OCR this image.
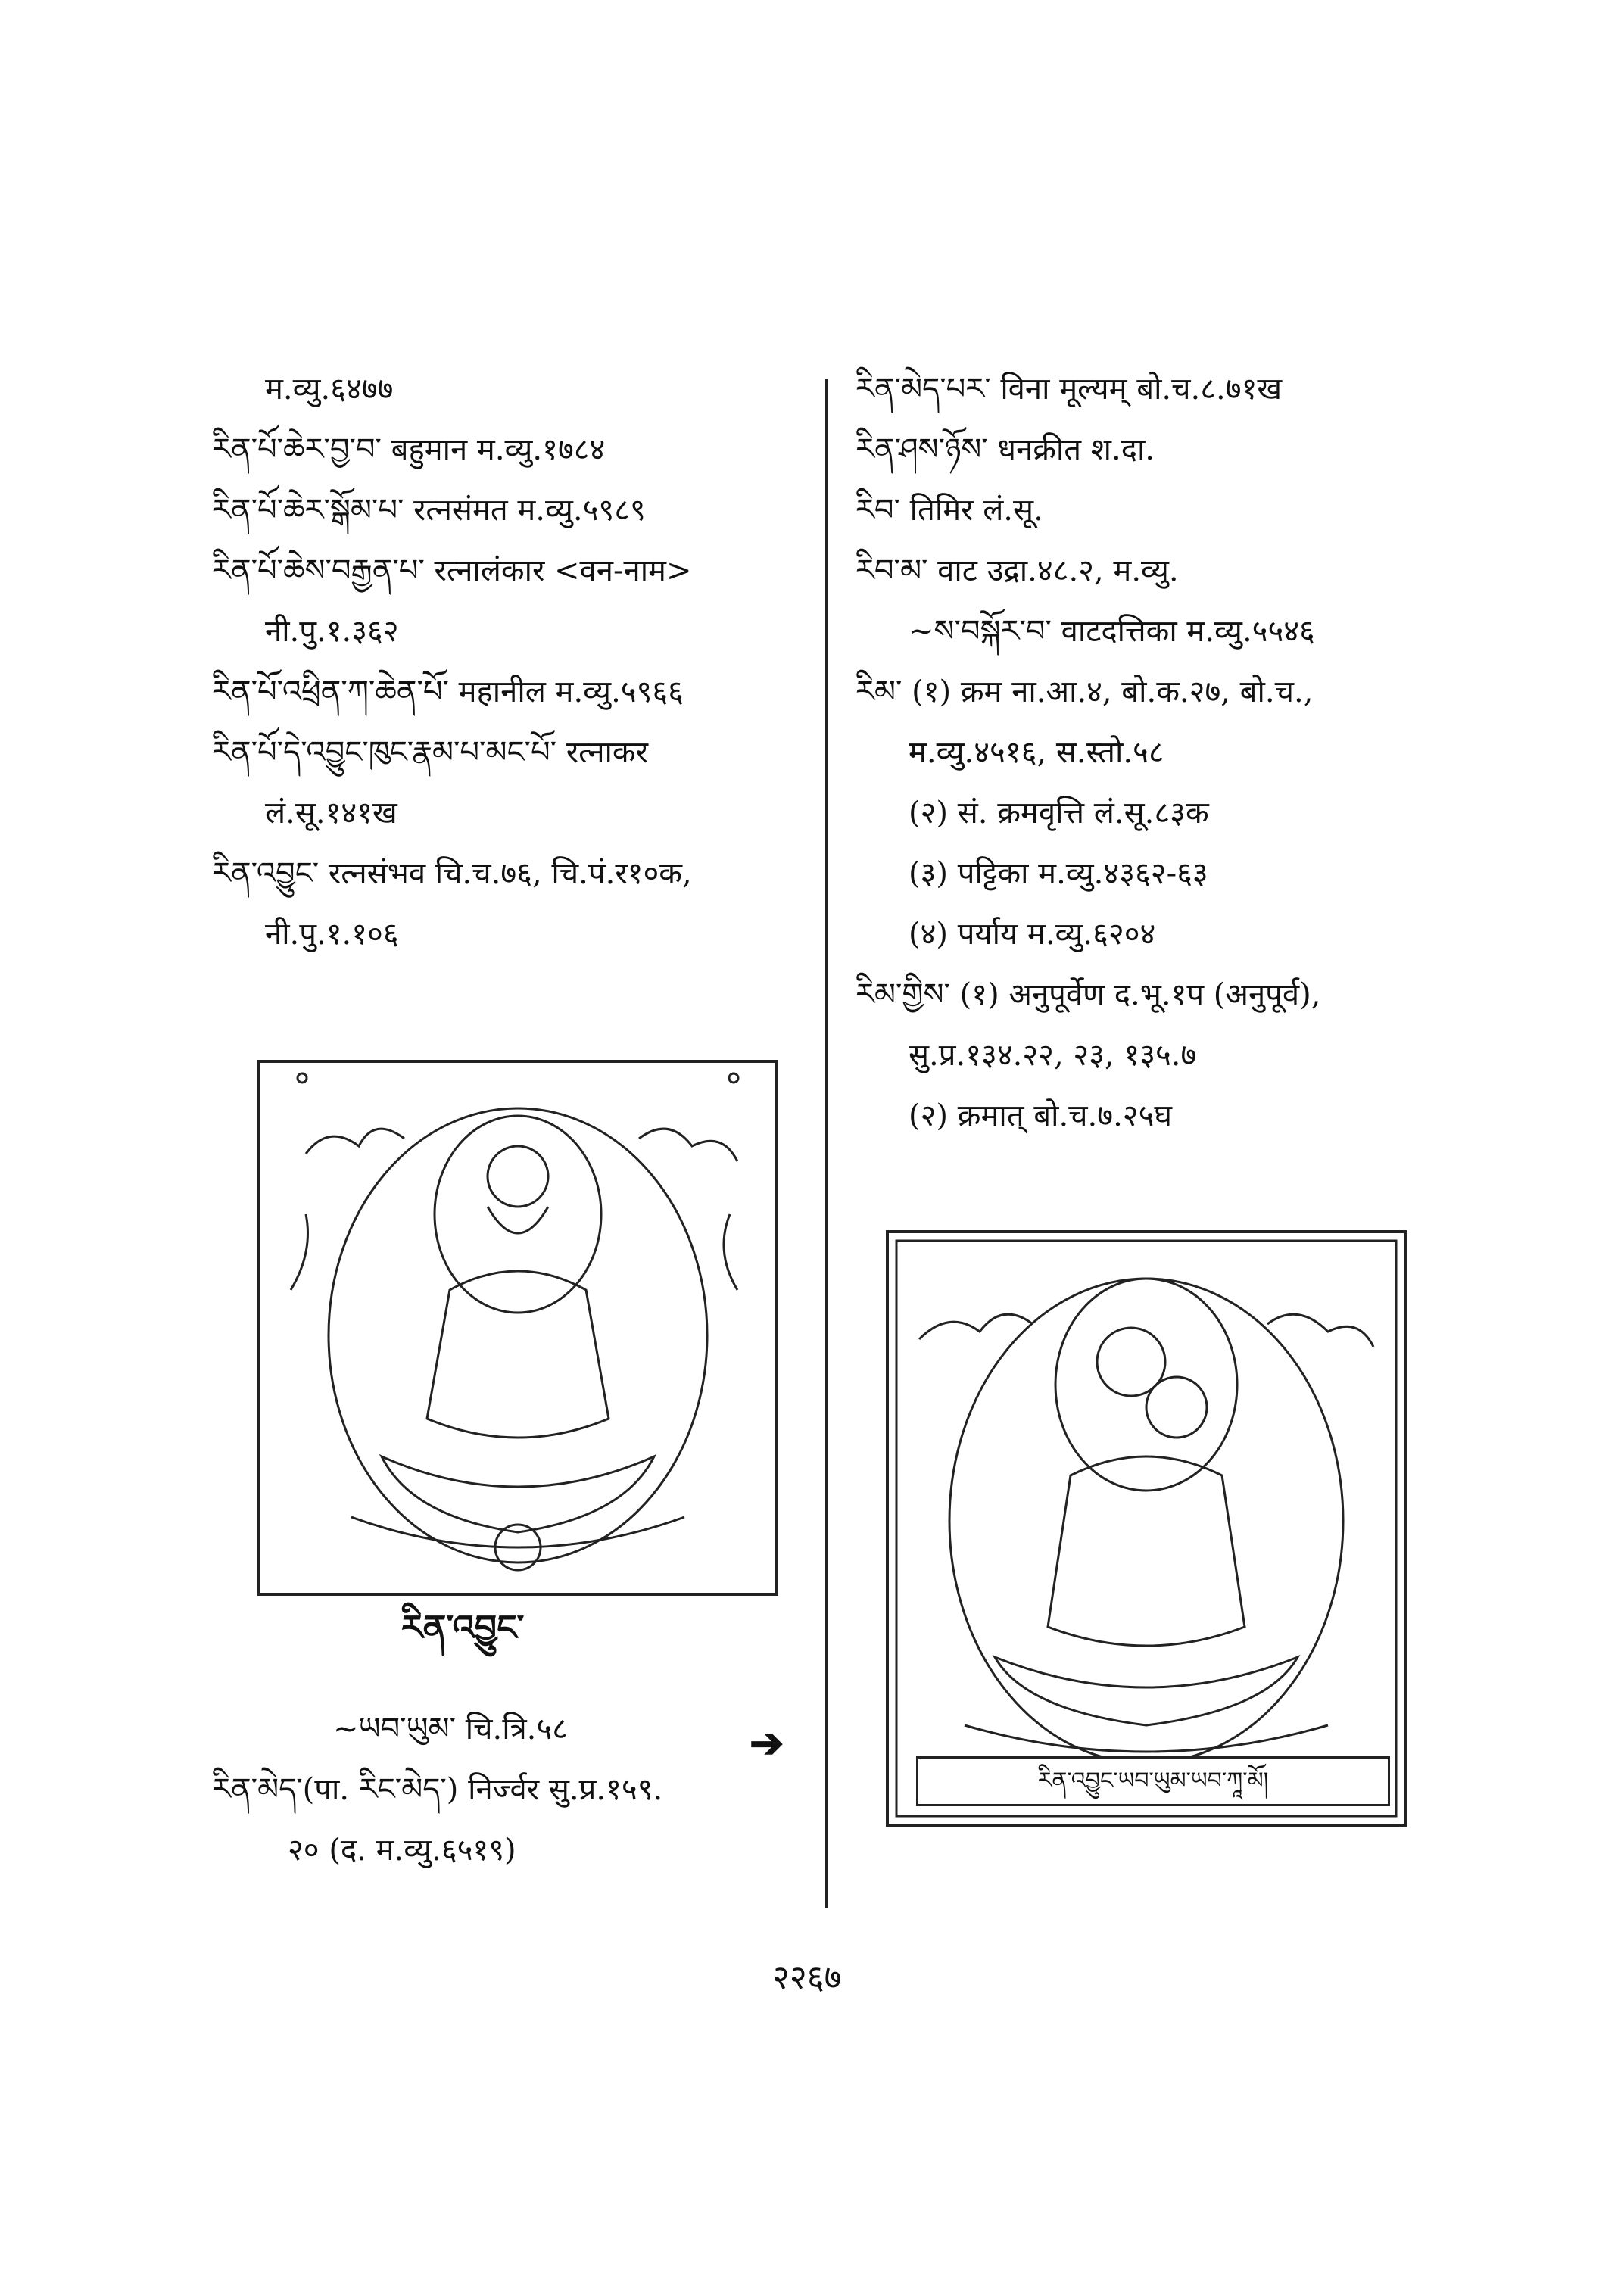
म.व्यु.६४७७
རིན་པོ་ཆེར་བྱ་བ་ बहुमान म.व्यु.१७८४
རིན་པོ་ཆེར་སྒོམ་པ་ रत्नसंमत म.व्यु.५९८९
རིན་པོ་ཆེས་བརྒྱན་པ་ रत्नालंकार <वन-नाम>
नी.पु.१.३६२
རིན་པོ་འཕྲིན་ཀ་ཆེན་པོ་ महानील म.व्यु.५९६६
རིན་པོ་དེ་འབྱུང་ཁུང་རྣམ་པ་མང་པོ་ रत्नाकर
लं.सू.१४१ख
རིན་འབྱུང་ रत्नसंभव चि.च.७६, चि.पं.र१०क,
नी.पु.१.१०६
རིན་འབྱུང་
~ཡབ་ཡུམ་ चि.त्रि.५८
རིན་མེད་(पा. རིང་མེད་) निर्ज्वर सु.प्र.१५९.
२० (द. म.व्यु.६५१९)
➔
རིན་མེད་པར་ विना मूल्यम् बो.च.८.७१ख
རིན་ཤས་ཉོས་ धनक्रीत श.दा.
རིབ་ तिमिर लं.सू.
རིབ་མ་ वाट उद्रा.४८.२, म.व्यु.
~ས་བསྐོར་བ་ वाटदत्तिका म.व्यु.५५४६
རིམ་ (१) क्रम ना.आ.४, बो.क.२७, बो.च.,
म.व्यु.४५१६, स.स्तो.५८
(२) सं. क्रमवृत्ति लं.सू.८३क
(३) पट्टिका म.व्यु.४३६२-६३
(४) पर्याय म.व्यु.६२०४
རིམ་གྱིས་ (१) अनुपूर्वेण द.भू.१प (अनुपूर्व),
सु.प्र.१३४.२२, २३, १३५.७
(२) क्रमात् बो.च.७.२५घ
རིན་འབྱུང་ཡབ་ཡུམ་ཡབ་ཀཱ་མོ།
२२६७
